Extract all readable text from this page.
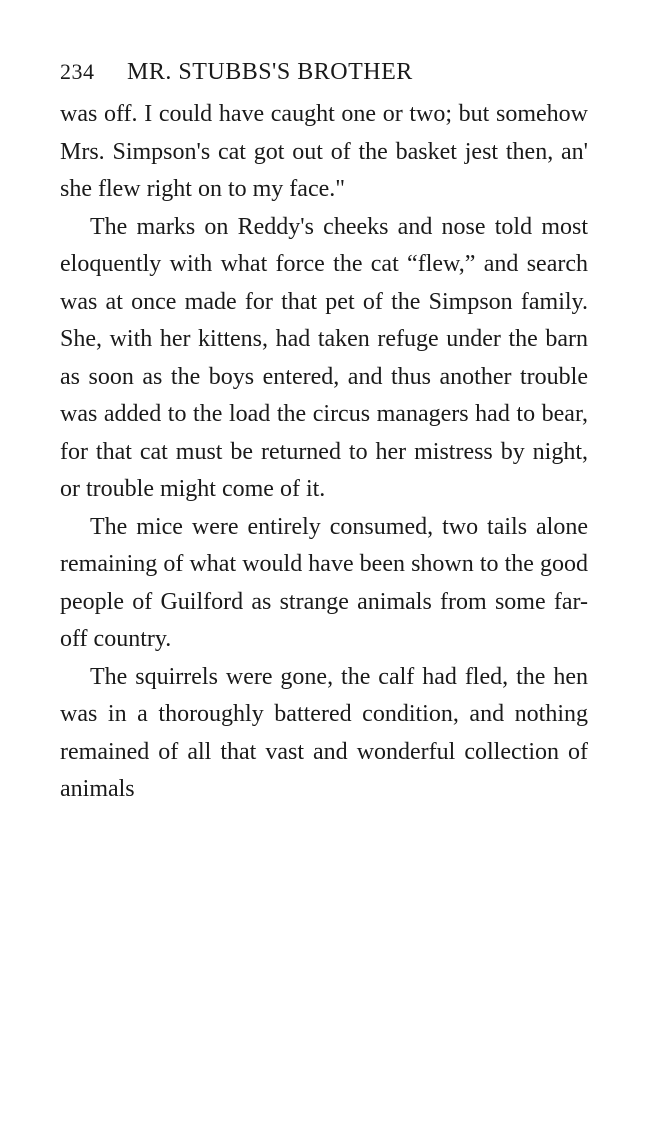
234 MR. STUBBS'S BROTHER

was off. I could have caught one or two; but somehow Mrs. Simpson's cat got out of the basket jest then, an' she flew right on to my face."

The marks on Reddy's cheeks and nose told most eloquently with what force the cat “flew,” and search was at once made for that pet of the Simpson family. She, with her kittens, had taken refuge under the barn as soon as the boys entered, and thus another trouble was added to the load the circus managers had to bear, for that cat must be returned to her mistress by night, or trouble might come of it.

The mice were entirely consumed, two tails alone remaining of what would have been shown to the good people of Guilford as strange animals from some far-off country.

The squirrels were gone, the calf had fled, the hen was in a thoroughly battered condition, and nothing remained of all that vast and wonderful collection of animals
